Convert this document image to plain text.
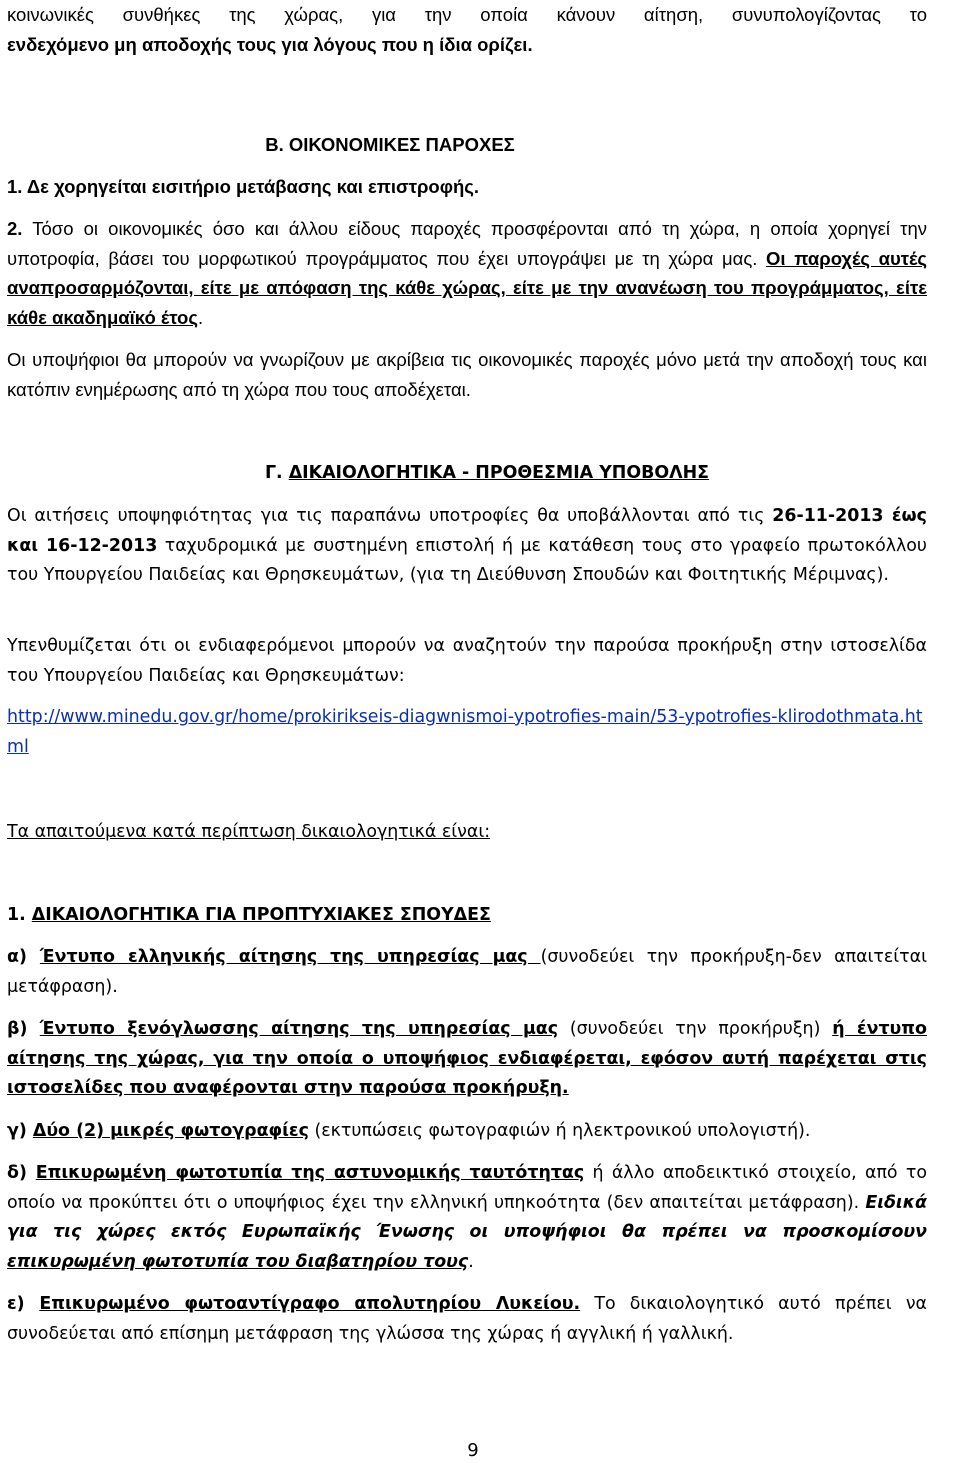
κοινωνικές συνθήκες της χώρας, για την οποία κάνουν αίτηση, συνυπολογίζοντας το
ενδεχόμενο μη αποδοχής τους για λόγους που η ίδια ορίζει.

Β. ΟΙΚΟΝΟΜΙΚΕΣ ΠΑΡΟΧΕΣ

1. Δε χορηγείται εισιτήριο μετάβασης και επιστροφής.

2. Τόσο οι οικονομικές όσο και άλλου είδους παροχές προσφέρονται από τη χώρα, η οποία χορηγεί την υποτροφία, βάσει του μορφωτικού προγράμματος που έχει υπογράψει με τη χώρα μας. Οι παροχές αυτές αναπροσαρμόζονται, είτε με απόφαση της κάθε χώρας, είτε με την ανανέωση του προγράμματος, είτε κάθε ακαδημαϊκό έτος.

Οι υποψήφιοι θα μπορούν να γνωρίζουν με ακρίβεια τις οικονομικές παροχές μόνο μετά την αποδοχή τους και κατόπιν ενημέρωσης από τη χώρα που τους αποδέχεται.

Γ. ΔΙΚΑΙΟΛΟΓΗΤΙΚΑ - ΠΡΟΘΕΣΜΙΑ ΥΠΟΒΟΛΗΣ

Οι αιτήσεις υποψηφιότητας για τις παραπάνω υποτροφίες θα υποβάλλονται από τις 26-11-2013 έως και 16-12-2013 ταχυδρομικά με συστημένη επιστολή ή με κατάθεση τους στο γραφείο πρωτοκόλλου του Υπουργείου Παιδείας και Θρησκευμάτων, (για τη Διεύθυνση Σπουδών και Φοιτητικής Μέριμνας).

Υπενθυμίζεται ότι οι ενδιαφερόμενοι μπορούν να αναζητούν την παρούσα προκήρυξη στην ιστοσελίδα του Υπουργείου Παιδείας και Θρησκευμάτων:

http://www.minedu.gov.gr/home/prokirikseis-diagwnismoi-ypotrofies-main/53-ypotrofies-klirodothmata.html

Τα απαιτούμενα κατά περίπτωση δικαιολογητικά είναι:

1. ΔΙΚΑΙΟΛΟΓΗΤΙΚΑ ΓΙΑ ΠΡΟΠΤΥΧΙΑΚΕΣ ΣΠΟΥΔΕΣ

α) Έντυπο ελληνικής αίτησης της υπηρεσίας μας (συνοδεύει την προκήρυξη-δεν απαιτείται μετάφραση).

β) Έντυπο ξενόγλωσσης αίτησης της υπηρεσίας μας (συνοδεύει την προκήρυξη) ή έντυπο αίτησης της χώρας, για την οποία ο υποψήφιος ενδιαφέρεται, εφόσον αυτή παρέχεται στις ιστοσελίδες που αναφέρονται στην παρούσα προκήρυξη.

γ) Δύο (2) μικρές φωτογραφίες (εκτυπώσεις φωτογραφιών ή ηλεκτρονικού υπολογιστή).

δ) Επικυρωμένη φωτοτυπία της αστυνομικής ταυτότητας ή άλλο αποδεικτικό στοιχείο, από το οποίο να προκύπτει ότι ο υποψήφιος έχει την ελληνική υπηκοότητα (δεν απαιτείται μετάφραση). Ειδικά για τις χώρες εκτός Ευρωπαϊκής Ένωσης οι υποψήφιοι θα πρέπει να προσκομίσουν επικυρωμένη φωτοτυπία του διαβατηρίου τους.

ε) Επικυρωμένο φωτοαντίγραφο απολυτηρίου Λυκείου. Το δικαιολογητικό αυτό πρέπει να συνοδεύεται από επίσημη μετάφραση της γλώσσα της χώρας ή αγγλική ή γαλλική.

9
